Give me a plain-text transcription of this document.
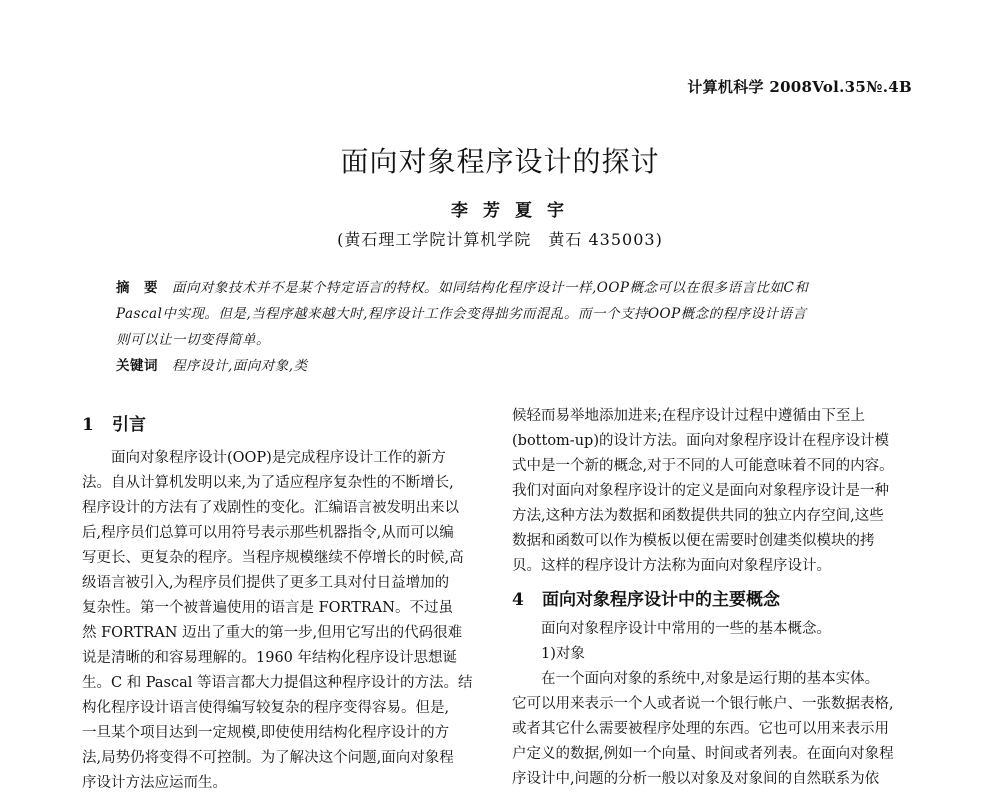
计算机科学 2008Vol.35№.4B
面向对象程序设计的探讨
李芳夏宇
(黄石理工学院计算机学院　黄石 435003)
摘　要 面向对象技术并不是某个特定语言的特权。如同结构化程序设计一样,OOP概念可以在很多语言比如C和
Pascal中实现。但是,当程序越来越大时,程序设计工作会变得拙劣而混乱。而一个支持OOP概念的程序设计语言
则可以让一切变得简单。
关键词 程序设计,面向对象,类
1 引言
　　面向对象程序设计(OOP)是完成程序设计工作的新方
法。自从计算机发明以来,为了适应程序复杂性的不断增长,
程序设计的方法有了戏剧性的变化。汇编语言被发明出来以
后,程序员们总算可以用符号表示那些机器指令,从而可以编
写更长、更复杂的程序。当程序规模继续不停增长的时候,高
级语言被引入,为程序员们提供了更多工具对付日益增加的
复杂性。第一个被普遍使用的语言是 FORTRAN。不过虽
然 FORTRAN 迈出了重大的第一步,但用它写出的代码很难
说是清晰的和容易理解的。1960 年结构化程序设计思想诞
生。C 和 Pascal 等语言都大力提倡这种程序设计的方法。结
构化程序设计语言使得编写较复杂的程序变得容易。但是,
一旦某个项目达到一定规模,即使使用结构化程序设计的方
法,局势仍将变得不可控制。为了解决这个问题,面向对象程
序设计方法应运而生。
候轻而易举地添加进来;在程序设计过程中遵循由下至上
(bottom-up)的设计方法。面向对象程序设计在程序设计模
式中是一个新的概念,对于不同的人可能意味着不同的内容。
我们对面向对象程序设计的定义是面向对象程序设计是一种
方法,这种方法为数据和函数提供共同的独立内存空间,这些
数据和函数可以作为模板以便在需要时创建类似模块的拷
贝。这样的程序设计方法称为面向对象程序设计。
4 面向对象程序设计中的主要概念
　　面向对象程序设计中常用的一些的基本概念。
　　1)对象
　　在一个面向对象的系统中,对象是运行期的基本实体。
它可以用来表示一个人或者说一个银行帐户、一张数据表格,
或者其它什么需要被程序处理的东西。它也可以用来表示用
户定义的数据,例如一个向量、时间或者列表。在面向对象程
序设计中,问题的分析一般以对象及对象间的自然联系为依
